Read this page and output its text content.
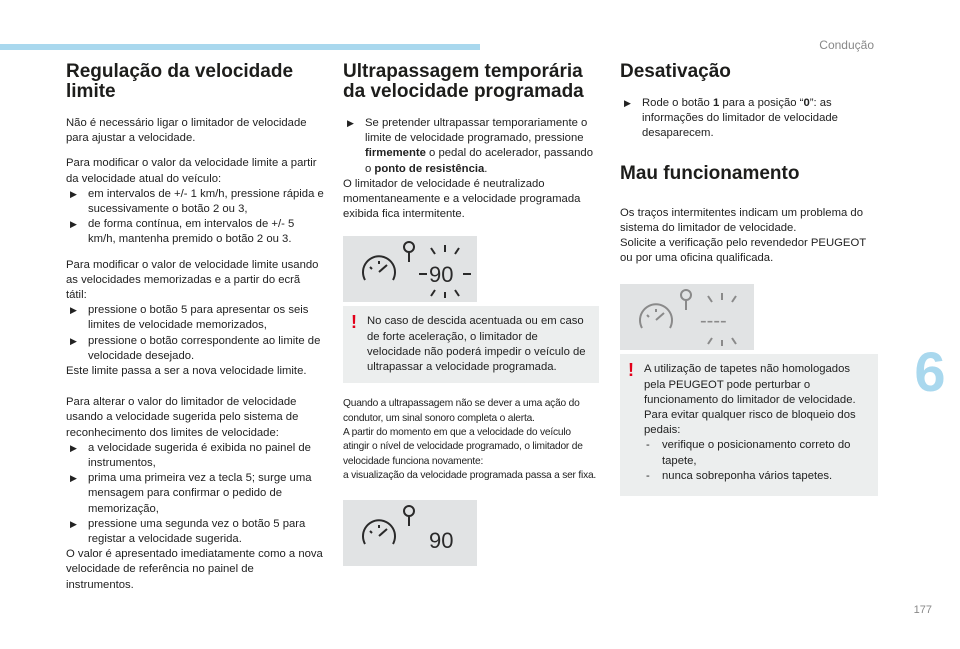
Condução
6
177
Regulação da velocidade limite

Não é necessário ligar o limitador de velocidade para ajustar a velocidade.

Para modificar o valor da velocidade limite a partir da velocidade atual do veículo:
▶ em intervalos de +/- 1 km/h, pressione rápida e sucessivamente o botão 2 ou 3,
▶ de forma contínua, em intervalos de +/- 5 km/h, mantenha premido o botão 2 ou 3.

Para modificar o valor de velocidade limite usando as velocidades memorizadas e a partir do ecrã tátil:
▶ pressione o botão 5 para apresentar os seis limites de velocidade memorizados,
▶ pressione o botão correspondente ao limite de velocidade desejado.
Este limite passa a ser a nova velocidade limite.

Para alterar o valor do limitador de velocidade usando a velocidade sugerida pelo sistema de reconhecimento dos limites de velocidade:
▶ a velocidade sugerida é exibida no painel de instrumentos,
▶ prima uma primeira vez a tecla 5; surge uma mensagem para confirmar o pedido de memorização,
▶ pressione uma segunda vez o botão 5 para registar a velocidade sugerida.
O valor é apresentado imediatamente como a nova velocidade de referência no painel de instrumentos.

Ultrapassagem temporária da velocidade programada
▶ Se pretender ultrapassar temporariamente o limite de velocidade programado, pressione firmemente o pedal do acelerador, passando o ponto de resistência.

O limitador de velocidade é neutralizado momentaneamente e a velocidade programada exibida fica intermitente.

90
! No caso de descida acentuada ou em caso de forte aceleração, o limitador de velocidade não poderá impedir o veículo de ultrapassar a velocidade programada.
Quando a ultrapassagem não se dever a uma ação do condutor, um sinal sonoro completa o alerta.
A partir do momento em que a velocidade do veículo atingir o nível de velocidade programado, o limitador de velocidade funciona novamente:
a visualização da velocidade programada passa a ser fixa.
90
Desativação
▶ Rode o botão 1 para a posição “0”: as informações do limitador de velocidade desaparecem.
Mau funcionamento
Os traços intermitentes indicam um problema do sistema do limitador de velocidade.

Solicite a verificação pelo revendedor PEUGEOT ou por uma oficina qualificada.

----
! A utilização de tapetes não homologados pela PEUGEOT pode perturbar o funcionamento do limitador de velocidade. Para evitar qualquer risco de bloqueio dos pedais:
- verifique o posicionamento correto do tapete,
- nunca sobreponha vários tapetes.
